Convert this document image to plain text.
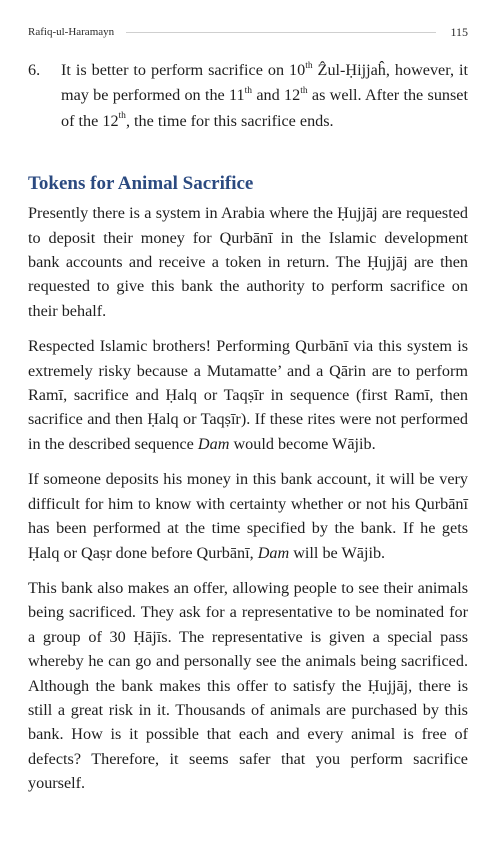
Rafiq-ul-Haramayn	115
6.	It is better to perform sacrifice on 10th Ẑul-Ḥijjaĥ, however, it may be performed on the 11th and 12th as well. After the sunset of the 12th, the time for this sacrifice ends.
Tokens for Animal Sacrifice

Presently there is a system in Arabia where the Ḥujjāj are requested to deposit their money for Qurbānī in the Islamic development bank accounts and receive a token in return. The Ḥujjāj are then requested to give this bank the authority to perform sacrifice on their behalf.

Respected Islamic brothers! Performing Qurbānī via this system is extremely risky because a Mutamatte’ and a Qārin are to perform Ramī, sacrifice and Ḥalq or Taqṣīr in sequence (first Ramī, then sacrifice and then Ḥalq or Taqṣīr). If these rites were not performed in the described sequence Dam would become Wājib.

If someone deposits his money in this bank account, it will be very difficult for him to know with certainty whether or not his Qurbānī has been performed at the time specified by the bank. If he gets Ḥalq or Qaṣr done before Qurbānī, Dam will be Wājib.

This bank also makes an offer, allowing people to see their animals being sacrificed. They ask for a representative to be nominated for a group of 30 Ḥājīs. The representative is given a special pass whereby he can go and personally see the animals being sacrificed. Although the bank makes this offer to satisfy the Ḥujjāj, there is still a great risk in it. Thousands of animals are purchased by this bank. How is it possible that each and every animal is free of defects? Therefore, it seems safer that you perform sacrifice yourself.
